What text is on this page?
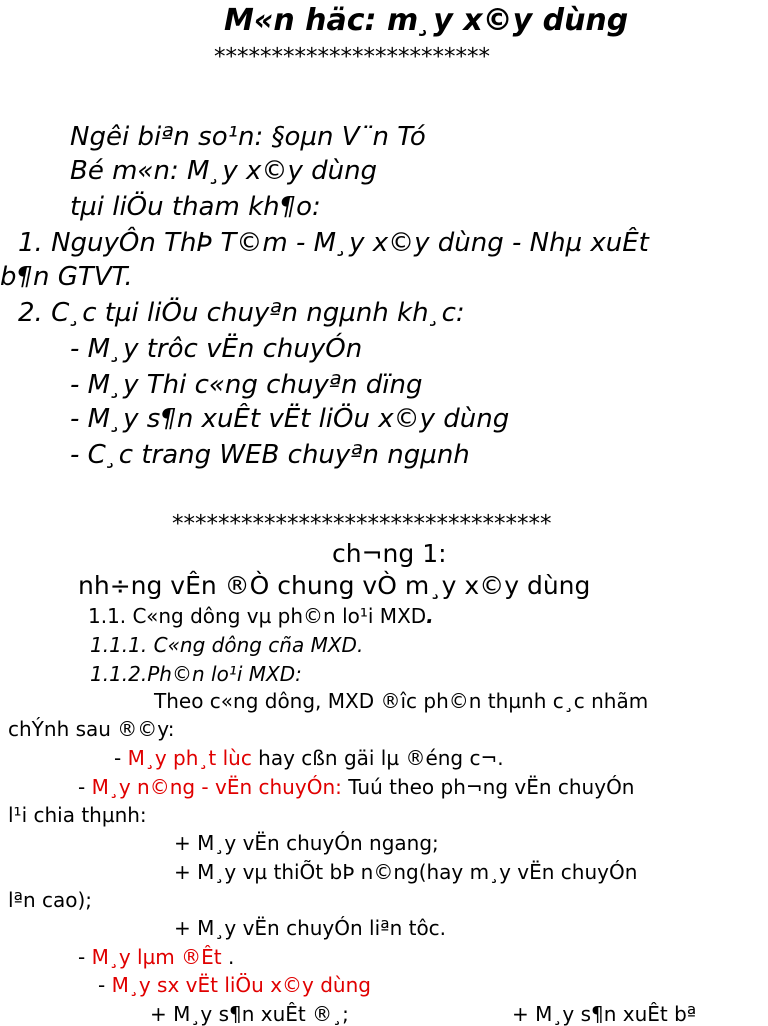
M«n häc: m¸y x©y dùng
************************
Ngêi biªn so¹n: §oµn V¨n Tó
Bé m«n: M¸y x©y dùng
tµi liÖu tham kh¶o:
1. NguyÔn ThÞ T©m - M¸y x©y dùng - Nhµ xuÊt
b¶n GTVT.
2. C¸c tµi liÖu chuyªn ngµnh kh¸c:
- M¸y trôc vËn chuyÓn
- M¸y Thi c«ng chuyªn dïng
- M¸y s¶n xuÊt vËt liÖu x©y dùng
- C¸c trang WEB chuyªn ngµnh
*********************************
ch¬ng 1:
nh÷ng vÊn ®Ò chung vÒ m¸y x©y dùng
1.1. C«ng dông vµ ph©n lo¹i MXD.
1.1.1. C«ng dông cña MXD.
1.1.2.Ph©n lo¹i MXD:
Theo c«ng dông, MXD ®îc ph©n thµnh c¸c nhãm
chÝnh sau ®©y:
- M¸y ph¸t lùc hay cßn gäi lµ ®éng c¬.
- M¸y n©ng - vËn chuyÓn: Tuú theo ph¬ng vËn chuyÓn
l¹i chia thµnh:
+ M¸y vËn chuyÓn ngang;
+ M¸y vµ thiÕt bÞ n©ng(hay m¸y vËn chuyÓn
lªn cao);
+ M¸y vËn chuyÓn liªn tôc.
- M¸y lµm ®Êt .
- M¸y sx vËt liÖu x©y dùng
+ M¸y s¶n xuÊt ®¸;	+ M¸y s¶n xuÊt bª
